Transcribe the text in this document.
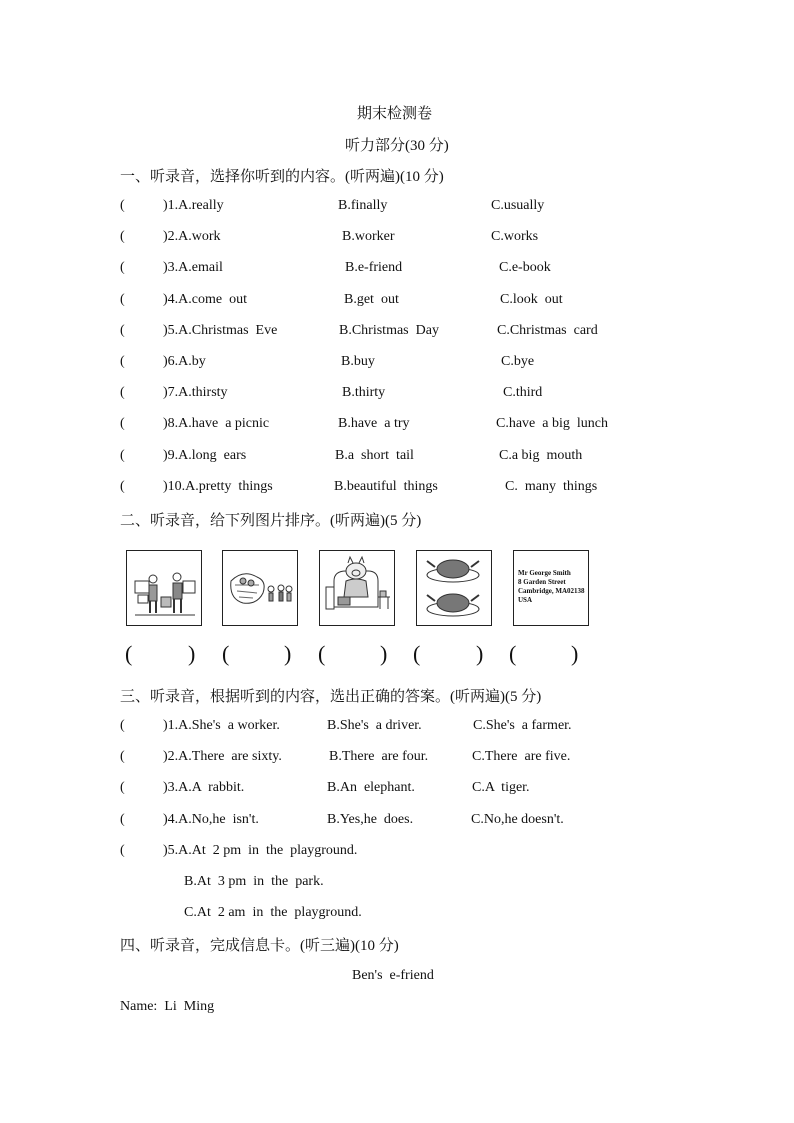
期末检测卷
听力部分(30 分)
一、听录音，选择你听到的内容。(听两遍)(10 分)
(	)1.A.really	B.finally	C.usually
(	)2.A.work	B.worker	C.works
(	)3.A.email	B.e-friend	C.e-book
(	)4.A.come  out	B.get  out	C.look  out
(	)5.A.Christmas  Eve	B.Christmas  Day	C.Christmas  card
(	)6.A.by	B.buy	C.bye
(	)7.A.thirsty	B.thirty	C.third
(	)8.A.have  a picnic	B.have  a try	C.have  a big  lunch
(	)9.A.long  ears	B.a  short  tail	C.a big  mouth
(	)10.A.pretty  things	B.beautiful  things	C.  many  things
二、听录音，给下列图片排序。(听两遍)(5 分)
Mr George Smith
8 Garden Street
Cambridge, MA02138
USA
(	) ( ) ( ) (	) ( )
三、听录音，根据听到的内容，选出正确的答案。(听两遍)(5 分)
(	)1.A.She's  a worker.	B.She's  a driver.	C.She's  a farmer.
(	)2.A.There  are sixty.	B.There  are four.	C.There  are five.
(	)3.A.A  rabbit.	B.An  elephant.	C.A  tiger.
(	)4.A.No,he  isn't.	B.Yes,he  does.	C.No,he doesn't.
(	)5.A.At  2 pm  in  the  playground.
B.At  3 pm  in  the  park.
C.At  2 am  in  the  playground.
四、听录音，完成信息卡。(听三遍)(10 分)
Ben's  e-friend
Name:  Li  Ming
